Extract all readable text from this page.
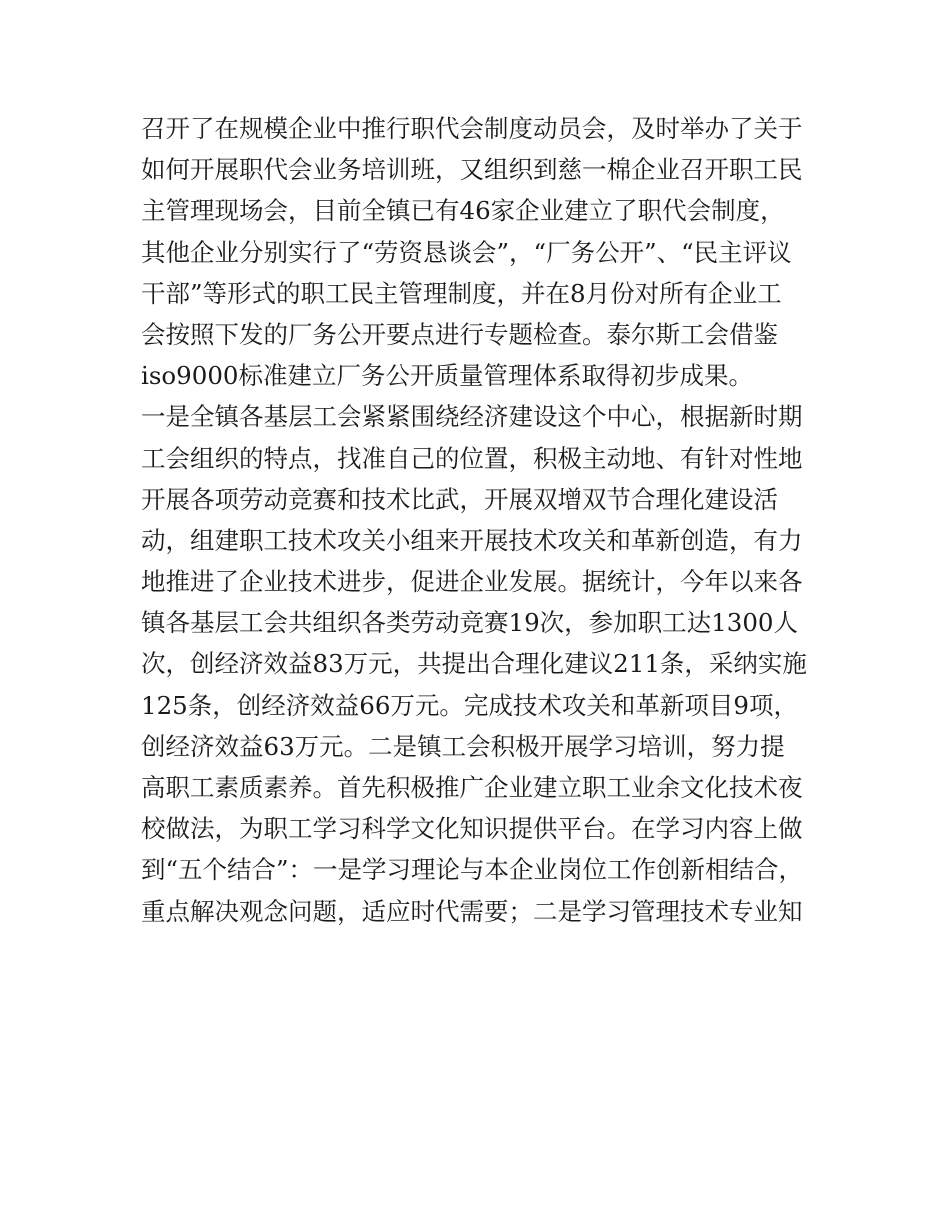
召开了在规模企业中推行职代会制度动员会，及时举办了关于
如何开展职代会业务培训班，又组织到慈一棉企业召开职工民
主管理现场会，目前全镇已有46家企业建立了职代会制度，
其他企业分别实行了“劳资恳谈会”，“厂务公开”、“民主评议
干部”等形式的职工民主管理制度，并在8月份对所有企业工
会按照下发的厂务公开要点进行专题检查。泰尔斯工会借鉴
iso9000标准建立厂务公开质量管理体系取得初步成果。
一是全镇各基层工会紧紧围绕经济建设这个中心，根据新时期
工会组织的特点，找准自己的位置，积极主动地、有针对性地
开展各项劳动竞赛和技术比武，开展双增双节合理化建设活
动，组建职工技术攻关小组来开展技术攻关和革新创造，有力
地推进了企业技术进步，促进企业发展。据统计，今年以来各
镇各基层工会共组织各类劳动竞赛19次，参加职工达1300人
次，创经济效益83万元，共提出合理化建议211条，采纳实施
125条，创经济效益66万元。完成技术攻关和革新项目9项，
创经济效益63万元。二是镇工会积极开展学习培训，努力提
高职工素质素养。首先积极推广企业建立职工业余文化技术夜
校做法，为职工学习科学文化知识提供平台。在学习内容上做
到“五个结合”：一是学习理论与本企业岗位工作创新相结合，
重点解决观念问题，适应时代需要；二是学习管理技术专业知
